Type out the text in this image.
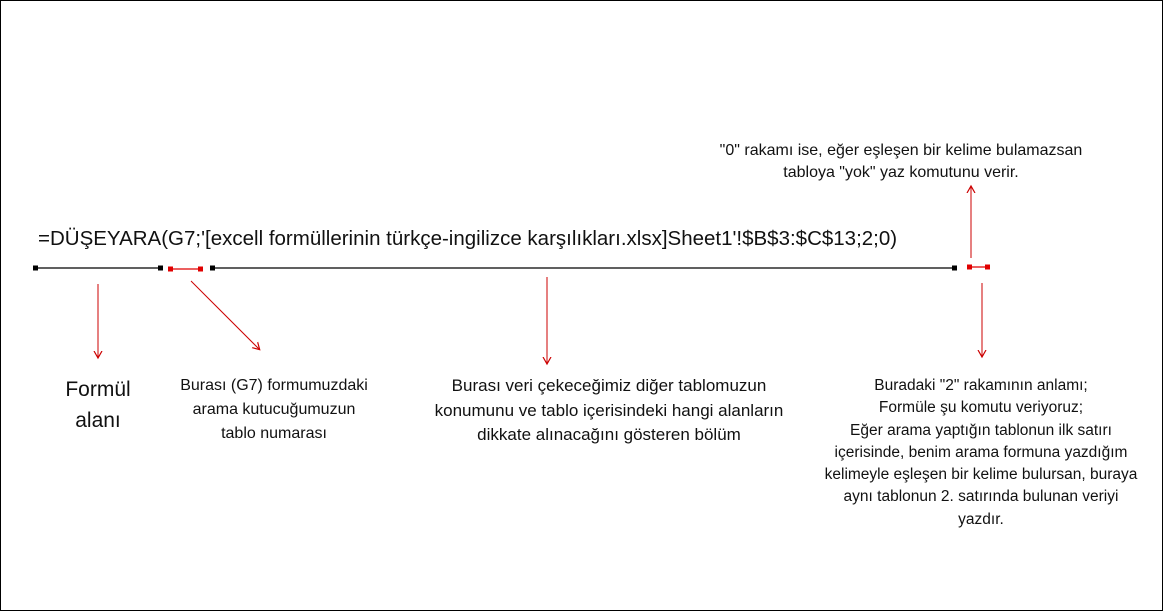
=DÜŞEYARA(G7;'[excell formüllerinin türkçe-ingilizce karşılıkları.xlsx]Sheet1'!$B$3:$C$13;2;0)
"0" rakamı ise, eğer eşleşen bir kelime bulamazsan
tabloya "yok" yaz komutunu verir.
Formül
alanı
Burası (G7) formumuzdaki
arama kutucuğumuzun
tablo numarası
Burası veri çekeceğimiz diğer tablomuzun
konumunu ve tablo içerisindeki hangi alanların
dikkate alınacağını gösteren bölüm
Buradaki "2" rakamının anlamı;
Formüle şu komutu veriyoruz;
Eğer arama yaptığın tablonun ilk satırı
içerisinde, benim arama formuna yazdığım
kelimeyle eşleşen bir kelime bulursan, buraya
aynı tablonun 2. satırında bulunan veriyi
yazdır.
